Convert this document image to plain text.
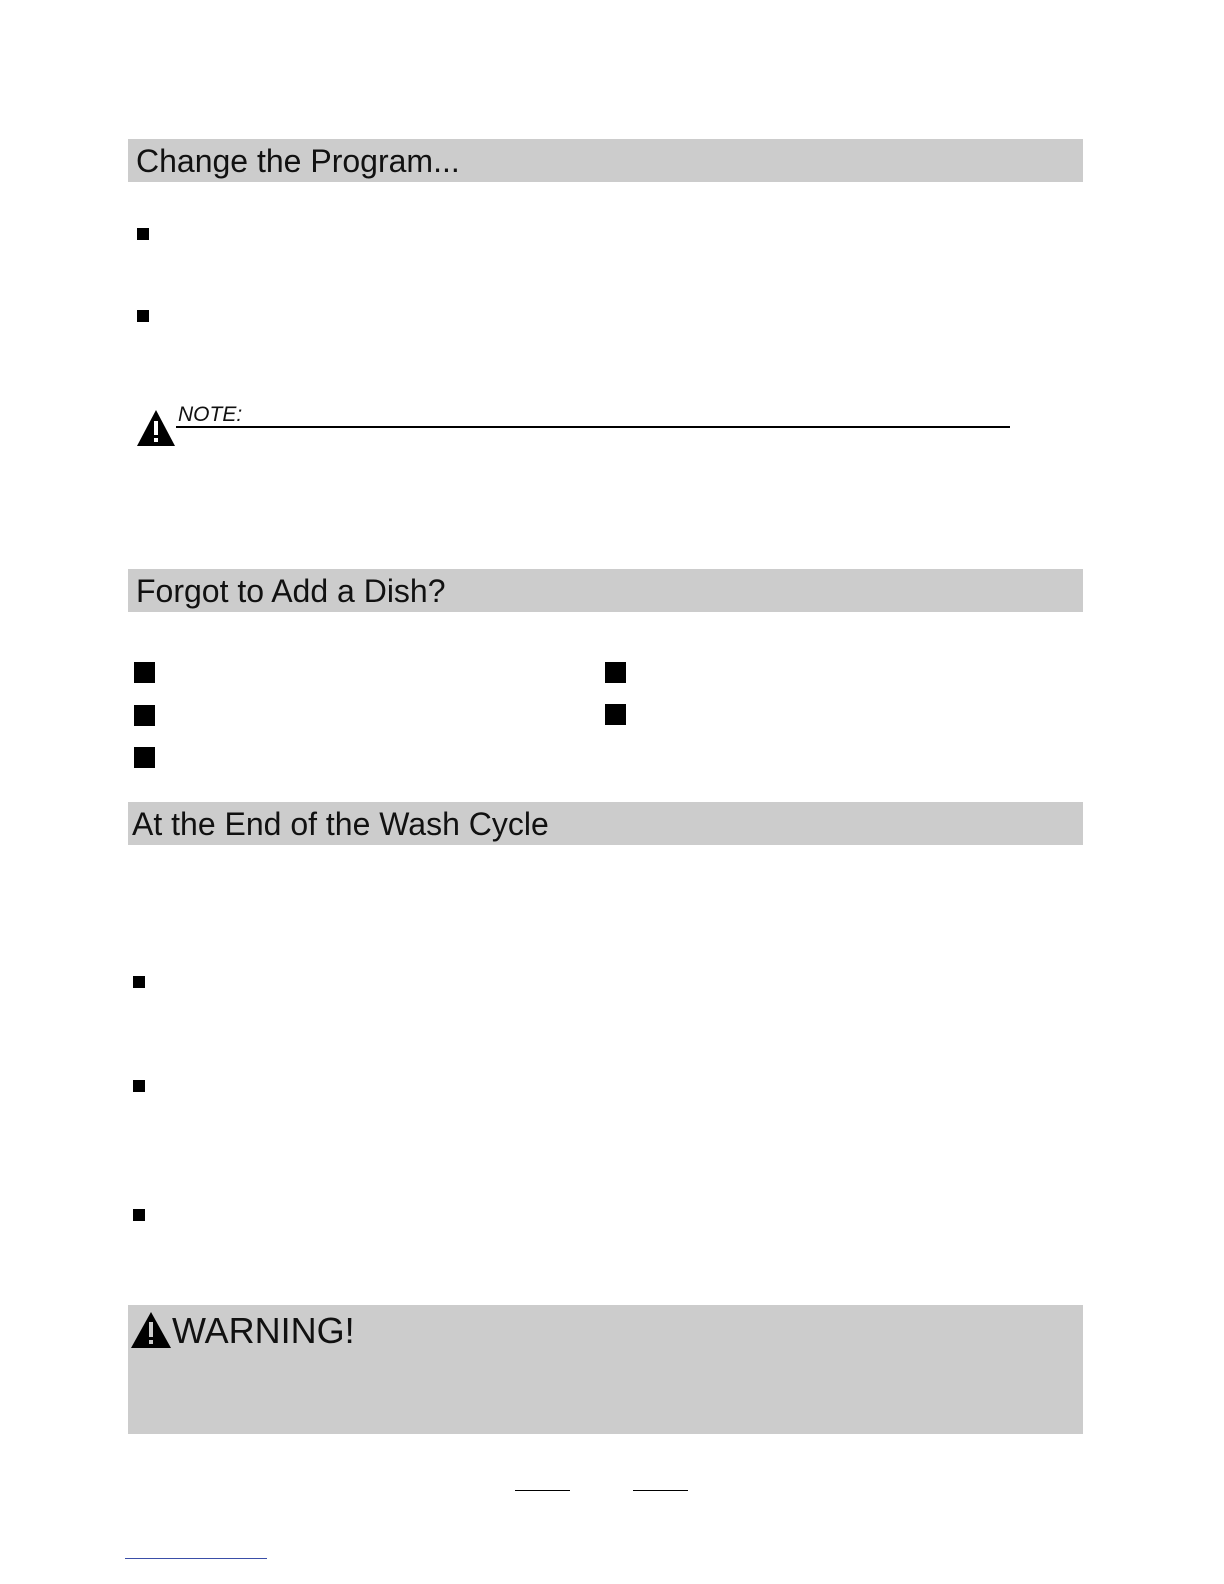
Change the Program...
NOTE:
Forgot to Add a Dish?
At the End of the Wash Cycle
WARNING!
